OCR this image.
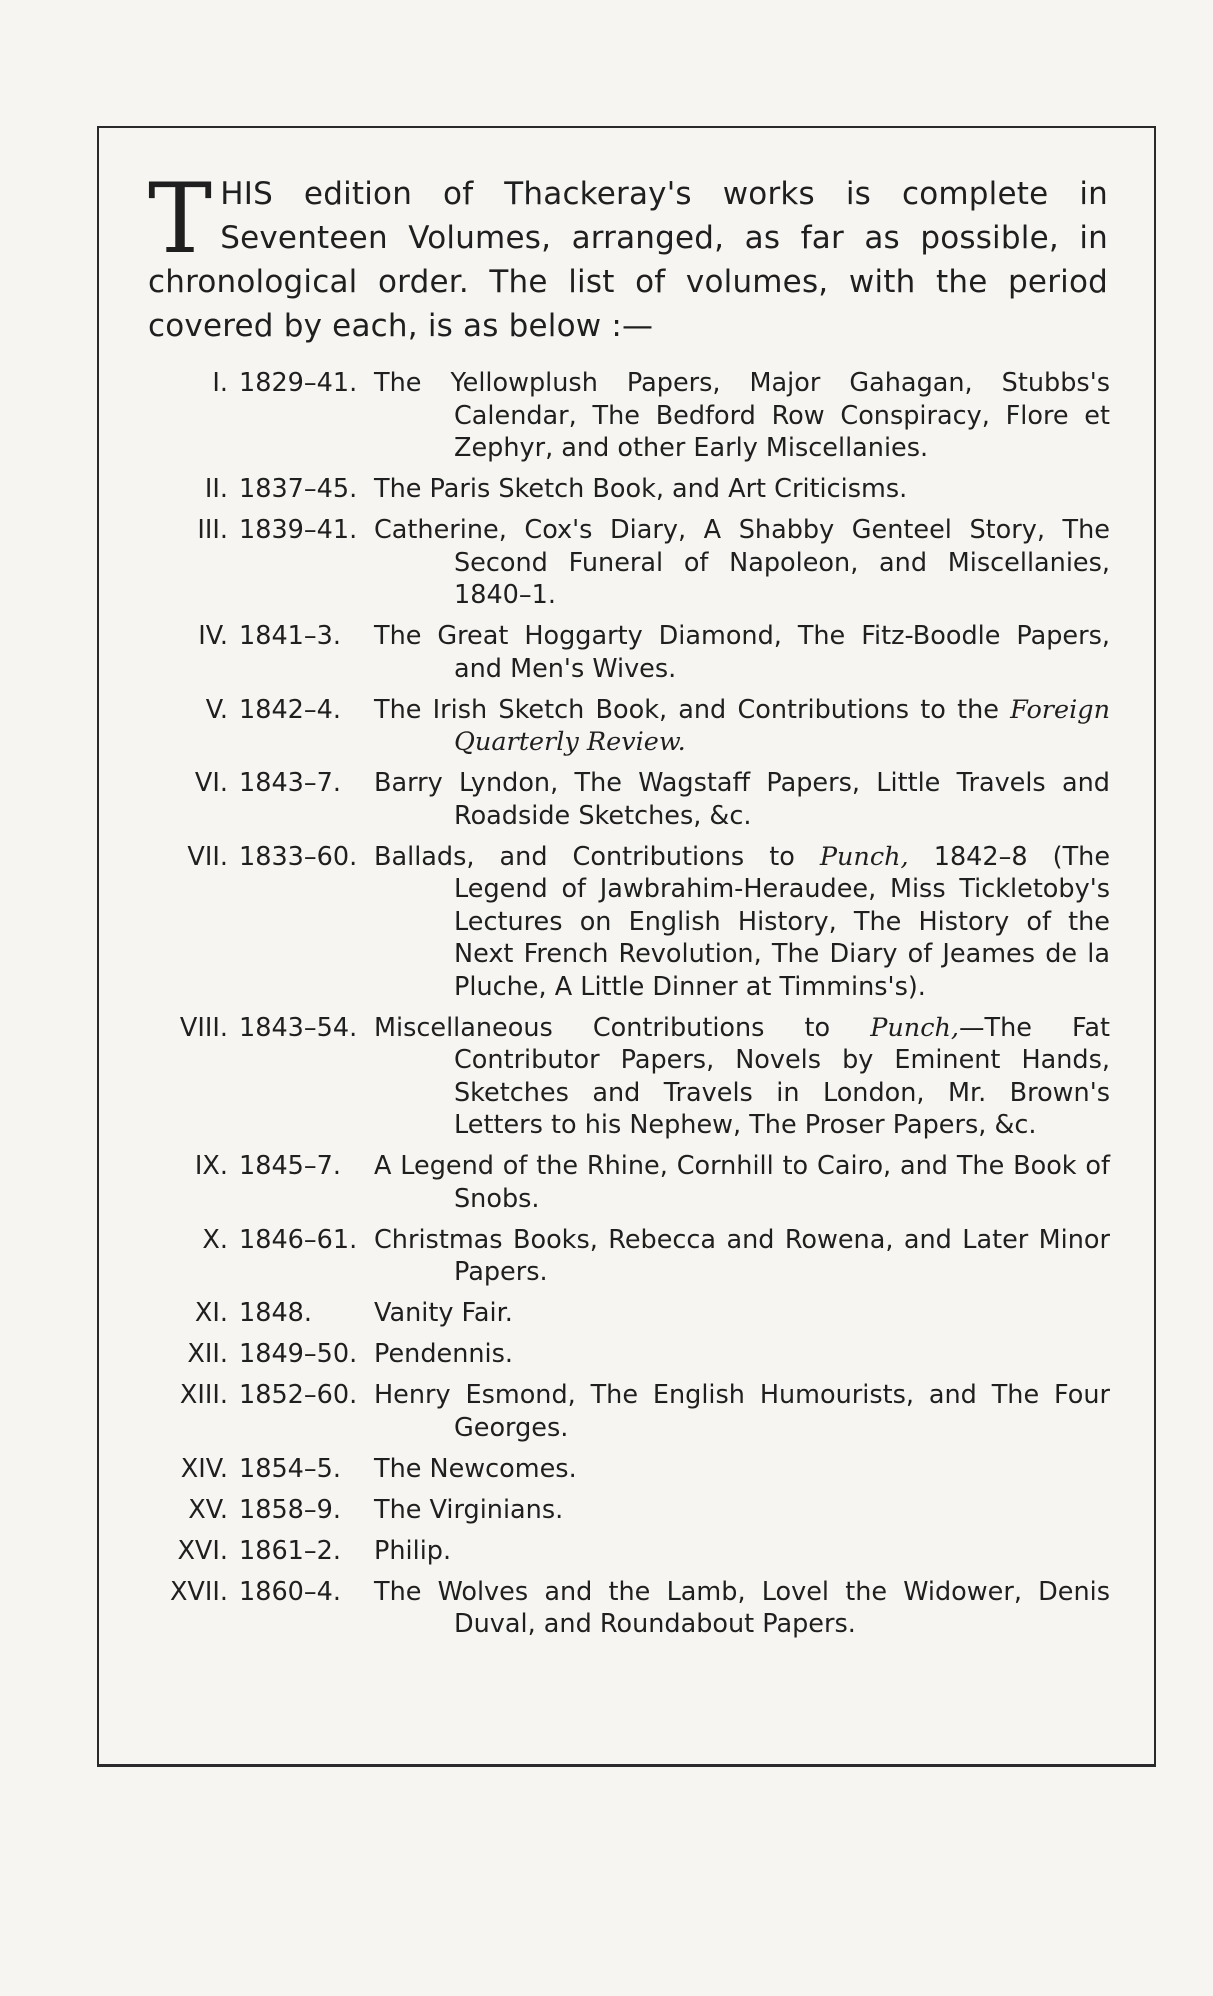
THIS edition of Thackeray's works is complete in Seventeen Volumes, arranged, as far as possible, in chronological order. The list of volumes, with the period covered by each, is as below :—
I. 1829–41. The Yellowplush Papers, Major Gahagan, Stubbs's Calendar, The Bedford Row Conspiracy, Flore et Zephyr, and other Early Miscellanies.
II. 1837–45. The Paris Sketch Book, and Art Criticisms.
III. 1839–41. Catherine, Cox's Diary, A Shabby Genteel Story, The Second Funeral of Napoleon, and Miscellanies, 1840–1.
IV. 1841–3.	The Great Hoggarty Diamond, The Fitz-Boodle Papers, and Men's Wives.
V. 1842–4.	The Irish Sketch Book, and Contributions to the Foreign Quarterly Review.
VI. 1843–7.	Barry Lyndon, The Wagstaff Papers, Little Travels and Roadside Sketches, &c.
VII. 1833–60. Ballads, and Contributions to Punch, 1842–8 (The Legend of Jawbrahim-Heraudee, Miss Tickletoby's Lectures on English History, The History of the Next French Revolution, The Diary of Jeames de la Pluche, A Little Dinner at Timmins's).
VIII. 1843–54. Miscellaneous Contributions to Punch,—The Fat Contributor Papers, Novels by Eminent Hands, Sketches and Travels in London, Mr. Brown's Letters to his Nephew, The Proser Papers, &c.
IX. 1845–7.	A Legend of the Rhine, Cornhill to Cairo, and The Book of Snobs.
X. 1846–61. Christmas Books, Rebecca and Rowena, and Later Minor Papers.
XI. 1848.	Vanity Fair.
XII. 1849–50. Pendennis.
XIII. 1852–60. Henry Esmond, The English Humourists, and The Four Georges.
XIV. 1854–5.	The Newcomes.
XV. 1858–9.	The Virginians.
XVI. 1861–2.	Philip.
XVII. 1860–4.	The Wolves and the Lamb, Lovel the Widower, Denis Duval, and Roundabout Papers.
